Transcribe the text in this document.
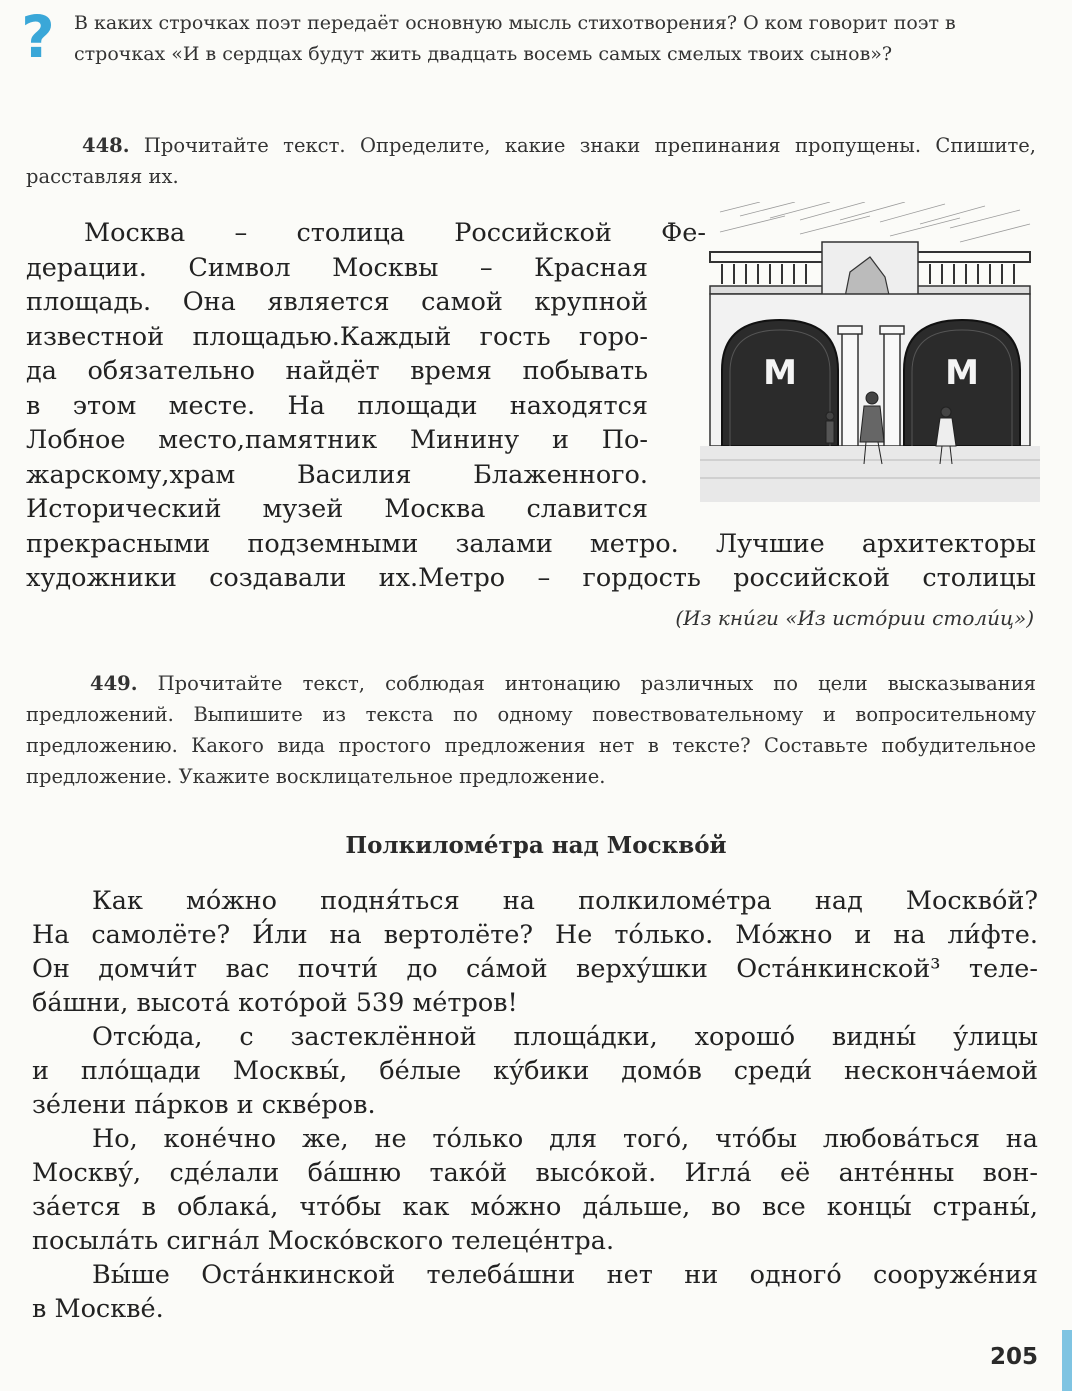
?	В каких строчках поэт передаёт основную мысль стихотворения? О ком говорит поэт в строчках «И в сердцах будут жить двадцать восемь самых смелых твоих сынов»?
448. Прочитайте текст. Определите, какие знаки препинания пропущены. Спишите, расставляя их.
Москва – столица Российской Фе-
дерации. Символ Москвы – Красная
площадь. Она является самой крупной
известной площадью.Каждый гость горо-
да обязательно найдёт время побывать
в этом месте. На площади находятся
Лобное место,памятник Минину и По-
жарскому,храм Василия Блаженного.
Исторический музей Москва славится
прекрасными подземными залами метро. Лучшие архитекторы
художники создавали их.Метро – гордость российской столицы
М	М
(Из кни́ги «Из исто́рии столи́ц»)
449. Прочитайте текст, соблюдая интонацию различных по цели высказывания предложений. Выпишите из текста по одному повествовательному и вопросительному предложению. Какого вида простого предложения нет в тексте? Составьте побудительное предложение. Укажите восклицательное предложение.
Полкиломе́тра над Москво́й
Как мо́жно подня́ться на полкиломе́тра над Москво́й?
На самолёте? И́ли на вертолёте? Не то́лько. Мо́жно и на ли́фте.
Он домчи́т вас почти́ до са́мой верху́шки Оста́нкинской³ теле-
ба́шни, высота́ кото́рой 539 ме́тров!
Отсю́да, с застеклённой площа́дки, хорошо́ видны́ у́лицы
и пло́щади Москвы́, бе́лые ку́бики домо́в среди́ несконча́емой
зе́лени па́рков и скве́ров.
Но, коне́чно же, не то́лько для того́, что́бы любова́ться на
Москву́, сде́лали ба́шню тако́й высо́кой. Игла́ её анте́нны вон-
за́ется в облака́, что́бы как мо́жно да́льше, во все концы́ страны́,
посыла́ть сигна́л Моско́вского телеце́нтра.
Вы́ше Оста́нкинской телеба́шни нет ни одного́ сооруже́ния
в Москве́.
205
